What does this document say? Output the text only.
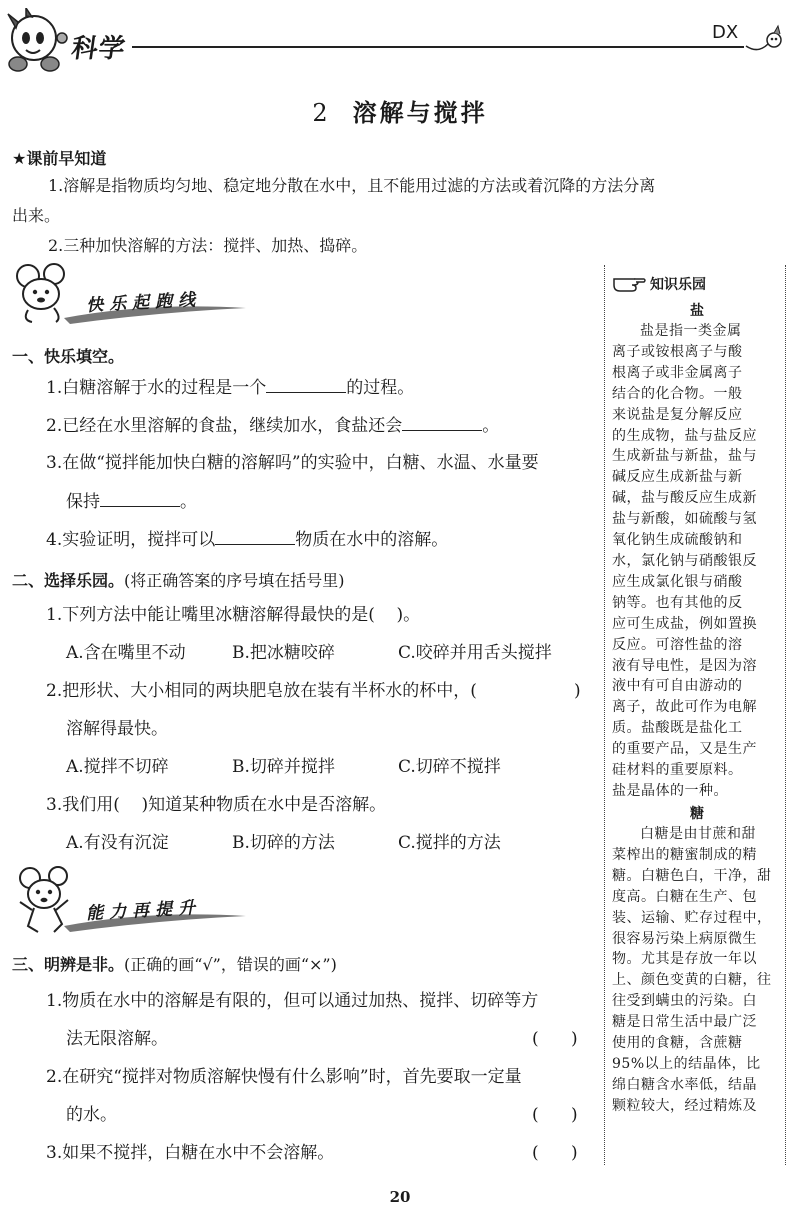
科学
DX
2 溶解与搅拌
★课前早知道
1.溶解是指物质均匀地、稳定地分散在水中，且不能用过滤的方法或着沉降的方法分离
出来。
2.三种加快溶解的方法：搅拌、加热、捣碎。
快乐起跑线
一、快乐填空。
1.白糖溶解于水的过程是一个	的过程。
2.已经在水里溶解的食盐，继续加水，食盐还会	。
3.在做“搅拌能加快白糖的溶解吗”的实验中，白糖、水温、水量要
保持	。
4.实验证明，搅拌可以	物质在水中的溶解。
二、选择乐园。(将正确答案的序号填在括号里)
1.下列方法中能让嘴里冰糖溶解得最快的是(    )。
A.含在嘴里不动	B.把冰糖咬碎	C.咬碎并用舌头搅拌
2.把形状、大小相同的两块肥皂放在装有半杯水的杯中，(	)
溶解得最快。
A.搅拌不切碎	B.切碎并搅拌	C.切碎不搅拌
3.我们用(    )知道某种物质在水中是否溶解。
A.有没有沉淀	B.切碎的方法	C.搅拌的方法
能力再提升
三、明辨是非。(正确的画“√”，错误的画“×”)
1.物质在水中的溶解是有限的，但可以通过加热、搅拌、切碎等方
法无限溶解。	(      )
2.在研究“搅拌对物质溶解快慢有什么影响”时，首先要取一定量
的水。	(      )
3.如果不搅拌，白糖在水中不会溶解。	(      )
知识乐园
盐
盐是指一类金属
离子或铵根离子与酸
根离子或非金属离子
结合的化合物。一般
来说盐是复分解反应
的生成物，盐与盐反应
生成新盐与新盐，盐与
碱反应生成新盐与新
碱，盐与酸反应生成新
盐与新酸，如硫酸与氢
氧化钠生成硫酸钠和
水，氯化钠与硝酸银反
应生成氯化银与硝酸
钠等。也有其他的反
应可生成盐，例如置换
反应。可溶性盐的溶
液有导电性，是因为溶
液中有可自由游动的
离子，故此可作为电解
质。盐酸既是盐化工
的重要产品，又是生产
硅材料的重要原料。
盐是晶体的一种。
糖
白糖是由甘蔗和甜
菜榨出的糖蜜制成的精
糖。白糖色白，干净，甜
度高。白糖在生产、包
装、运输、贮存过程中，
很容易污染上病原微生
物。尤其是存放一年以
上、颜色变黄的白糖，往
往受到螨虫的污染。白
糖是日常生活中最广泛
使用的食糖，含蔗糖
95%以上的结晶体，比
绵白糖含水率低，结晶
颗粒较大，经过精炼及
20
